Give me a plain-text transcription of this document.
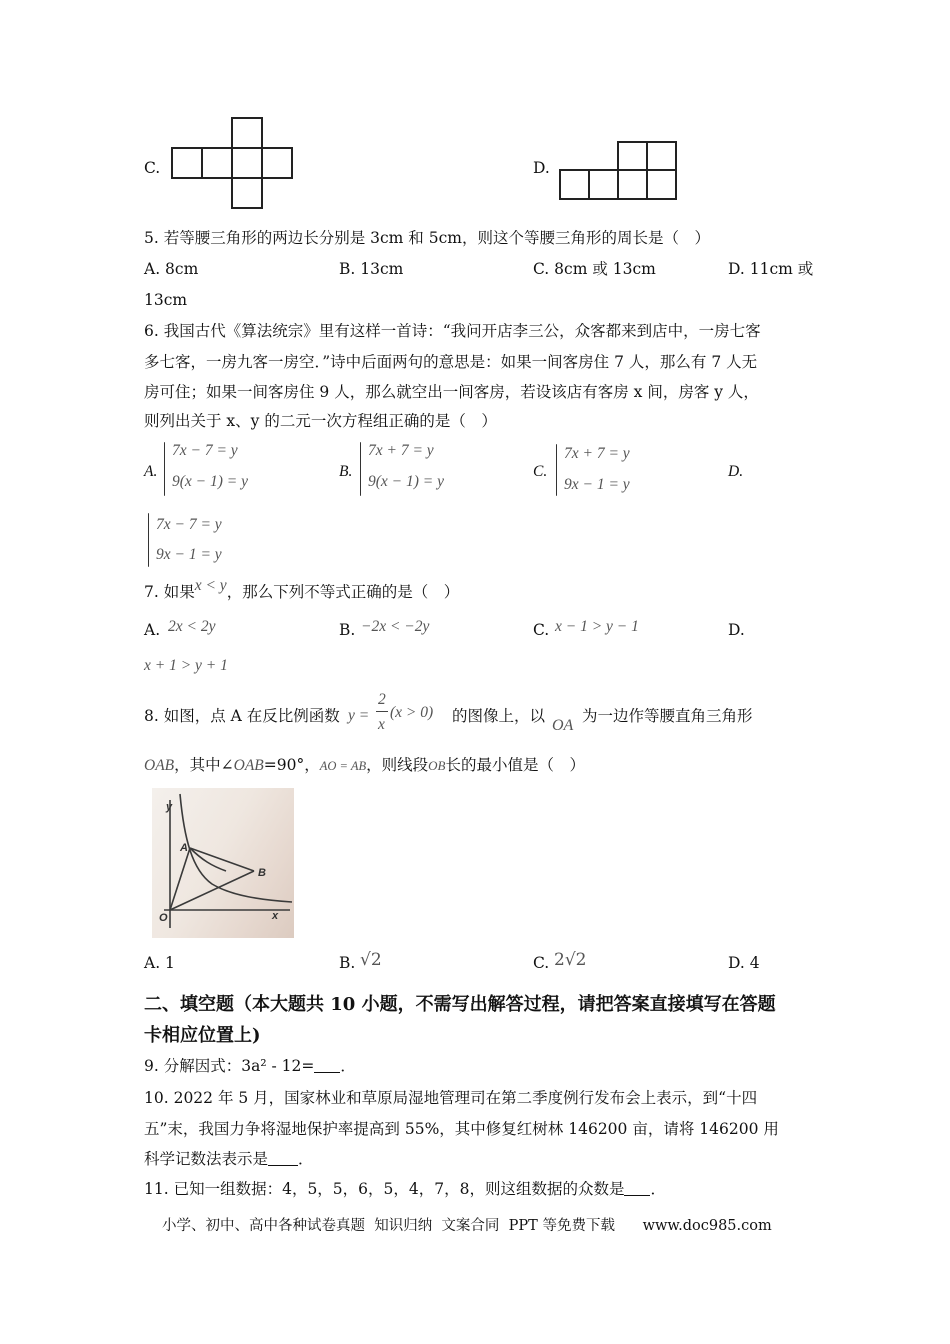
C.	D.
5. 若等腰三角形的两边长分别是 3cm 和 5cm，则这个等腰三角形的周长是（　）
A. 8cm	B. 13cm	C. 8cm 或 13cm	D. 11cm 或
13cm
6. 我国古代《算法统宗》里有这样一首诗：“我问开店李三公，众客都来到店中，一房七客
多七客，一房九客一房空．”诗中后面两句的意思是：如果一间客房住 7 人，那么有 7 人无
房可住；如果一间客房住 9 人，那么就空出一间客房，若设该店有客房 x 间，房客 y 人，
则列出关于 x、y 的二元一次方程组正确的是（　）
A.
7x − 7 = y
9(x − 1) = y
B.
7x + 7 = y
9(x − 1) = y
C.
7x + 7 = y
9x − 1 = y
D.
7x − 7 = y
9x − 1 = y
7. 如果x < y，那么下列不等式正确的是（　）
A. 2x < 2y	B. −2x < −2y	C. x − 1 > y − 1	D.
x + 1 > y + 1
8. 如图，点 A 在反比例函数 y =
2
x
(x > 0) 的图像上，以
OA
为一边作等腰直角三角形
OAB，其中∠OAB=90°，AO = AB，则线段OB长的最小值是（　）
y
A
B
O	x
A. 1	B. √2	C. 2√2	D. 4
二、填空题（本大题共 10 小题，不需写出解答过程，请把答案直接填写在答题
卡相应位置上)
9. 分解因式：3a² - 12= ．
10. 2022 年 5 月，国家林业和草原局湿地管理司在第二季度例行发布会上表示，到“十四
五”末，我国力争将湿地保护率提高到 55%，其中修复红树林 146200 亩，请将 146200 用
科学记数法表示是 ．
11. 已知一组数据：4，5，5，6，5，4，7，8，则这组数据的众数是 ．
小学、初中、高中各种试卷真题  知识归纳  文案合同  PPT 等免费下载      www.doc985.com
